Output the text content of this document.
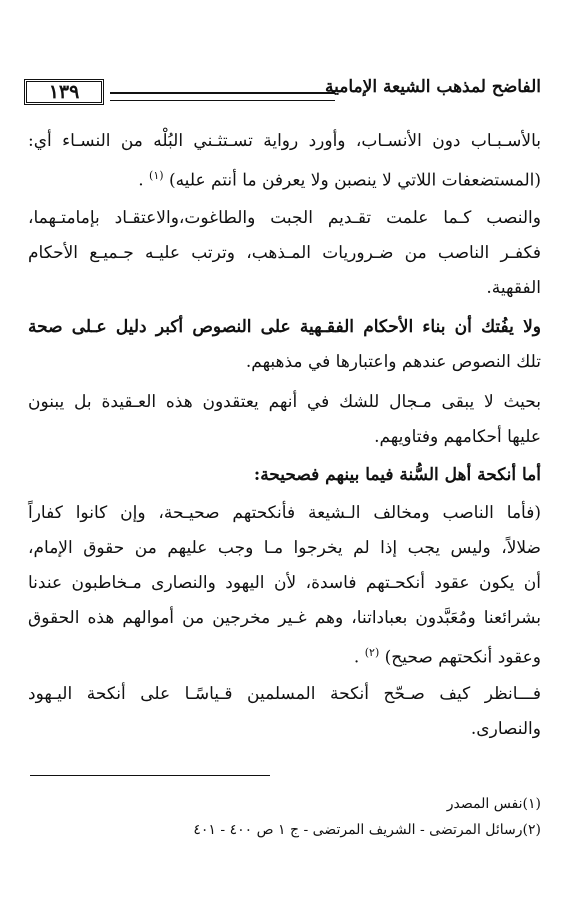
الفاضح لمذهب الشيعة الإمامية
١٣٩
بالأسـبـاب دون الأنسـاب، وأورد رواية تسـتثـني البُلْه من النسـاء أي:
(المستضعفات اللاتي لا ينصبن ولا يعرفن ما أنتم عليه) $^{(١)}$ .
والنصب كـما علمت تقـديم الجبت والطاغوت،والاعتقـاد بإمامتـهما،
فكفـر الناصب من ضـروريات المـذهب، وترتب عليـه جـميـع الأحكام
الفقهية.
ولا يفُتك أن بناء الأحكام الفقـهية على النصوص أكبر دليل عـلى صحة
تلك النصوص عندهم واعتبارها في مذهبهم.
بحيث لا يبقى مـجال للشك في أنهم يعتقدون هذه العـقيدة بل يبنون
عليها أحكامهم وفتاويهم.
أما أنكحة أهل السُّنة فيما بينهم فصحيحة:
(فأما الناصب ومخالف الـشيعة فأنكحتهم صحيـحة، وإن كانوا كفاراً
ضلالاً، وليس يجب إذا لم يخرجوا مـا وجب عليهم من حقوق الإمام،
أن يكون عقود أنكحـتهم فاسدة، لأن اليهود والنصارى مـخاطبون عندنا
بشرائعنا ومُعَبَّدون بعباداتنا، وهم غـير مخرجين من أموالهم هذه الحقوق
وعقود أنكحتهم صحيح) $^{(٢)}$ .
فـــانظر كيف صـحّح أنكحة المسلمين قـياسًـا على أنكحة اليـهود
والنصارى.
(١)نفس المصدر
(٢)رسائل المرتضى - الشريف المرتضى - ج ١ ص ٤٠٠ - ٤٠١
